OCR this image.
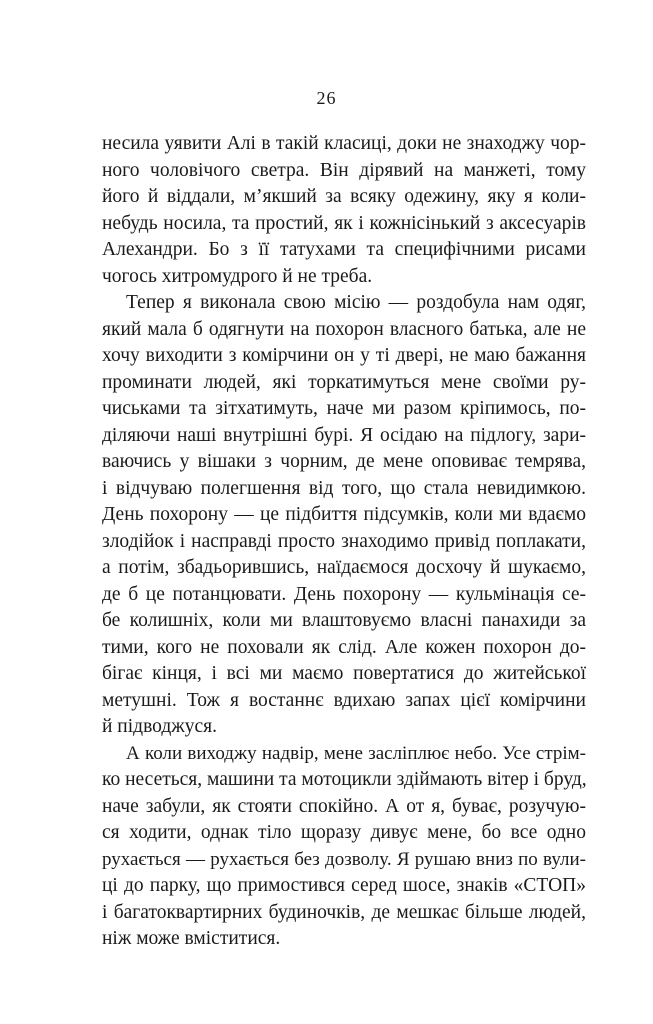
26
несила уявити Алі в такій класиці, доки не знаходжу чор-
ного чоловічого светра. Він дірявий на манжеті, тому
його й віддали, м’якший за всяку одежину, яку я коли-
небудь носила, та простий, як і кожнісінький з аксесуарів
Алехандри. Бо з її татухами та специфічними рисами
чогось хитромудрого й не треба.
Тепер я виконала свою місію — роздобула нам одяг,
який мала б одягнути на похорон власного батька, але не
хочу виходити з комірчини он у ті двері, не маю бажання
проминати людей, які торкатимуться мене своїми ру-
чиськами та зітхатимуть, наче ми разом кріпимось, по-
діляючи наші внутрішні бурі. Я осідаю на підлогу, зари-
ваючись у вішаки з чорним, де мене оповиває темрява,
і відчуваю полегшення від того, що стала невидимкою.
День похорону — це підбиття підсумків, коли ми вдаємо
злодійок і насправді просто знаходимо привід поплакати,
а потім, збадьорившись, наїдаємося досхочу й шукаємо,
де б це потанцювати. День похорону — кульмінація се-
бе колишніх, коли ми влаштовуємо власні панахиди за
тими, кого не поховали як слід. Але кожен похорон до-
бігає кінця, і всі ми маємо повертатися до житейської
метушні. Тож я востаннє вдихаю запах цієї комірчини
й підводжуся.
А коли виходжу надвір, мене засліплює небо. Усе стрім-
ко несеться, машини та мотоцикли здіймають вітер і бруд,
наче забули, як стояти спокійно. А от я, буває, розучую-
ся ходити, однак тіло щоразу дивує мене, бо все одно
рухається — рухається без дозволу. Я рушаю вниз по вули-
ці до парку, що примостився серед шосе, знаків «СТОП»
і багатоквартирних будиночків, де мешкає більше людей,
ніж може вміститися.
